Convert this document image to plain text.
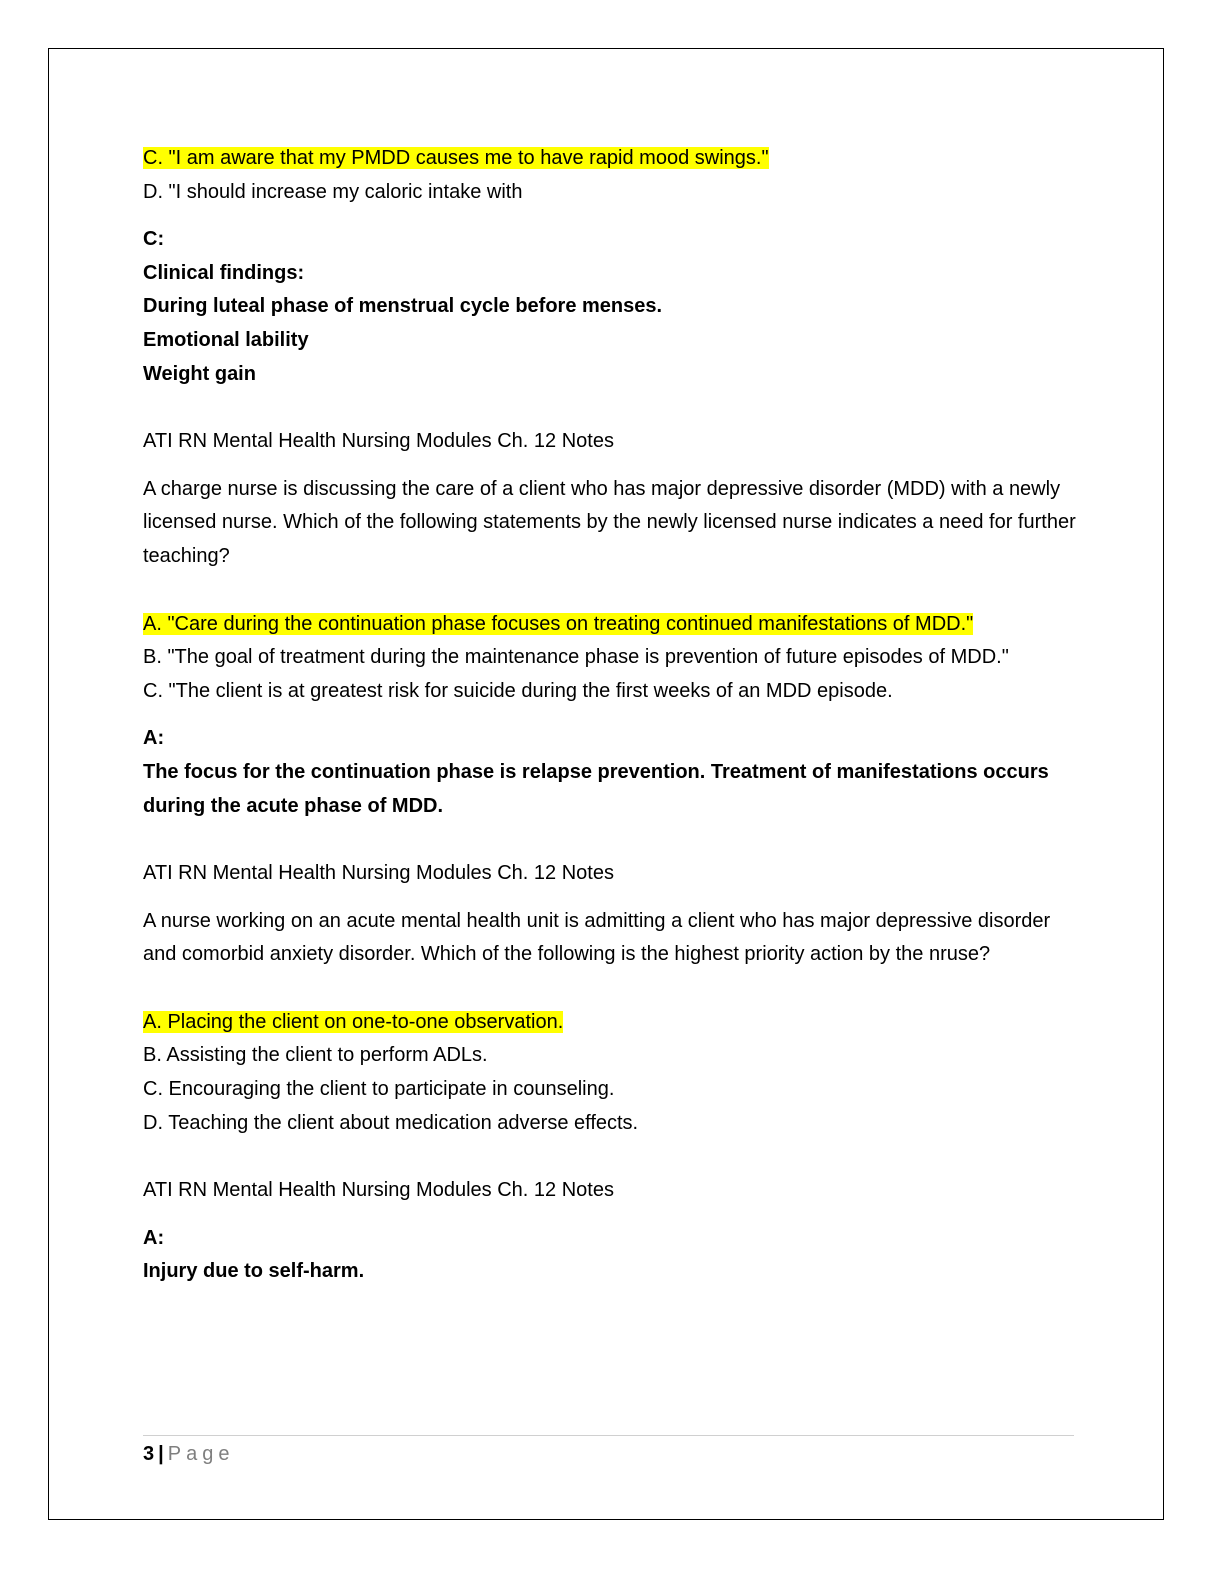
C. "I am aware that my PMDD causes me to have rapid mood swings."
D. "I should increase my caloric intake with
C:
Clinical findings:
During luteal phase of menstrual cycle before menses.
Emotional lability
Weight gain
ATI RN Mental Health Nursing Modules Ch. 12 Notes
A charge nurse is discussing the care of a client who has major depressive disorder (MDD) with a newly licensed nurse. Which of the following statements by the newly licensed nurse indicates a need for further teaching?
A. "Care during the continuation phase focuses on treating continued manifestations of MDD."
B. "The goal of treatment during the maintenance phase is prevention of future episodes of MDD."
C. "The client is at greatest risk for suicide during the first weeks of an MDD episode.
A:
The focus for the continuation phase is relapse prevention. Treatment of manifestations occurs during the acute phase of MDD.
ATI RN Mental Health Nursing Modules Ch. 12 Notes
A nurse working on an acute mental health unit is admitting a client who has major depressive disorder and comorbid anxiety disorder. Which of the following is the highest priority action by the nruse?
A. Placing the client on one-to-one observation.
B. Assisting the client to perform ADLs.
C. Encouraging the client to participate in counseling.
D. Teaching the client about medication adverse effects.
ATI RN Mental Health Nursing Modules Ch. 12 Notes
A:
Injury due to self-harm.
3 | Page
